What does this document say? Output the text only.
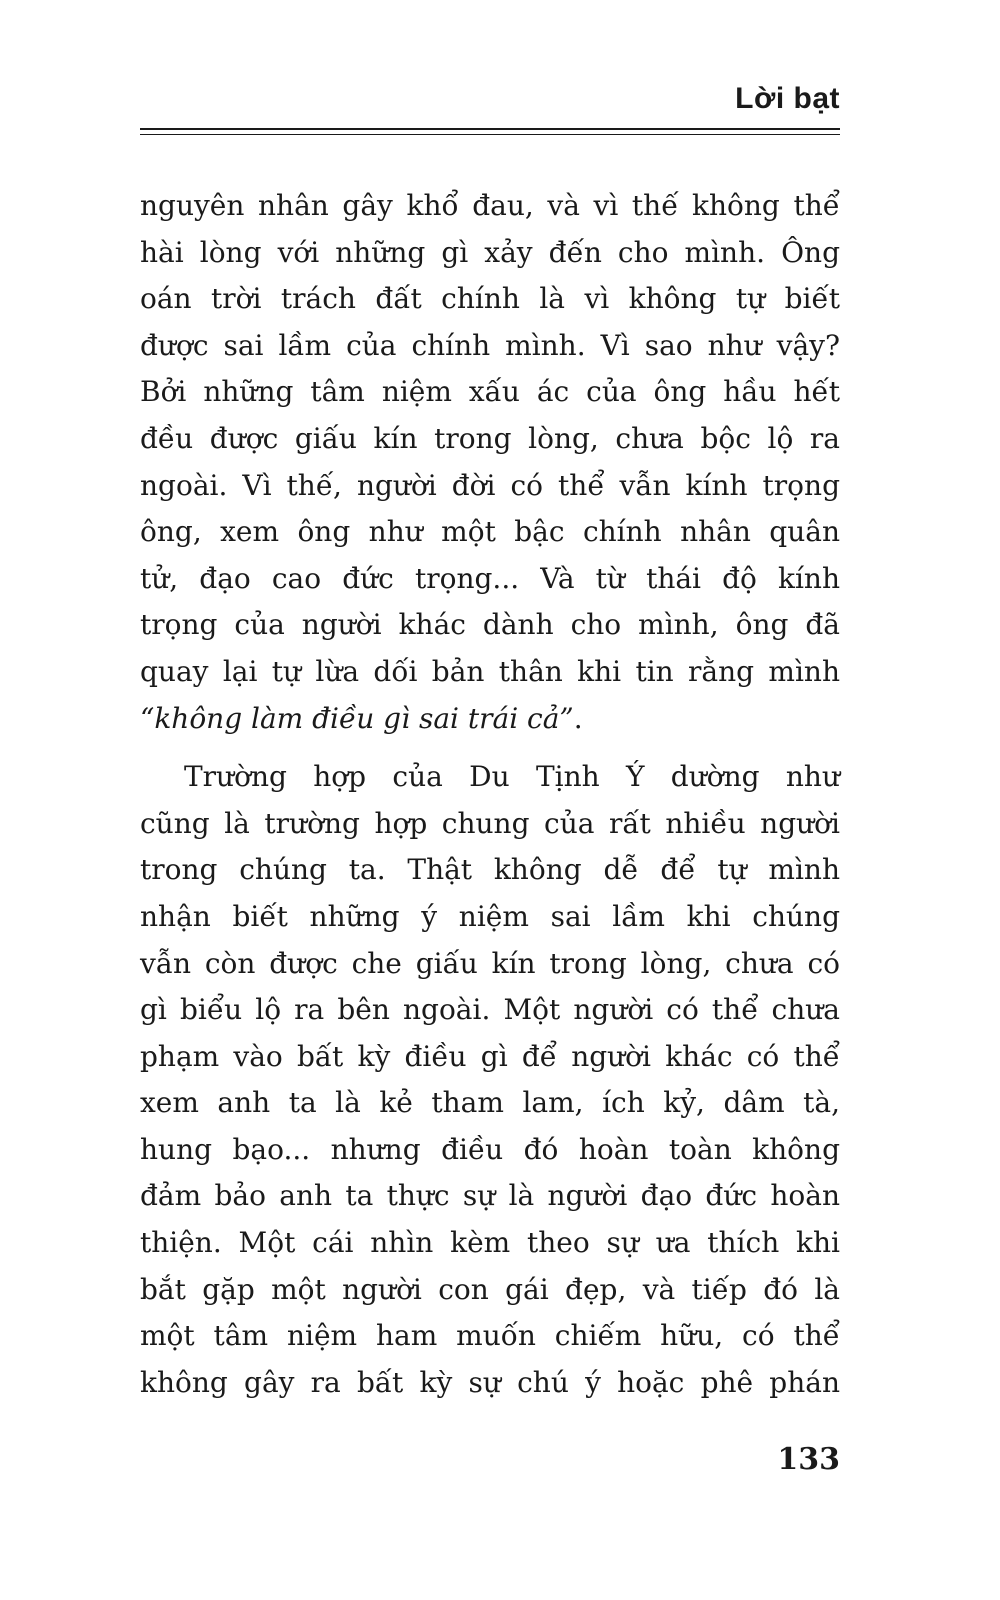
Lời bạt
nguyên nhân gây khổ đau, và vì thế không thể
hài lòng với những gì xảy đến cho mình. Ông
oán trời trách đất chính là vì không tự biết
được sai lầm của chính mình. Vì sao như vậy?
Bởi những tâm niệm xấu ác của ông hầu hết
đều được giấu kín trong lòng, chưa bộc lộ ra
ngoài. Vì thế, người đời có thể vẫn kính trọng
ông, xem ông như một bậc chính nhân quân
tử, đạo cao đức trọng... Và từ thái độ kính
trọng của người khác dành cho mình, ông đã
quay lại tự lừa dối bản thân khi tin rằng mình
“không làm điều gì sai trái cả”.
Trường hợp của Du Tịnh Ý dường như
cũng là trường hợp chung của rất nhiều người
trong chúng ta. Thật không dễ để tự mình
nhận biết những ý niệm sai lầm khi chúng
vẫn còn được che giấu kín trong lòng, chưa có
gì biểu lộ ra bên ngoài. Một người có thể chưa
phạm vào bất kỳ điều gì để người khác có thể
xem anh ta là kẻ tham lam, ích kỷ, dâm tà,
hung bạo... nhưng điều đó hoàn toàn không
đảm bảo anh ta thực sự là người đạo đức hoàn
thiện. Một cái nhìn kèm theo sự ưa thích khi
bắt gặp một người con gái đẹp, và tiếp đó là
một tâm niệm ham muốn chiếm hữu, có thể
không gây ra bất kỳ sự chú ý hoặc phê phán
133
